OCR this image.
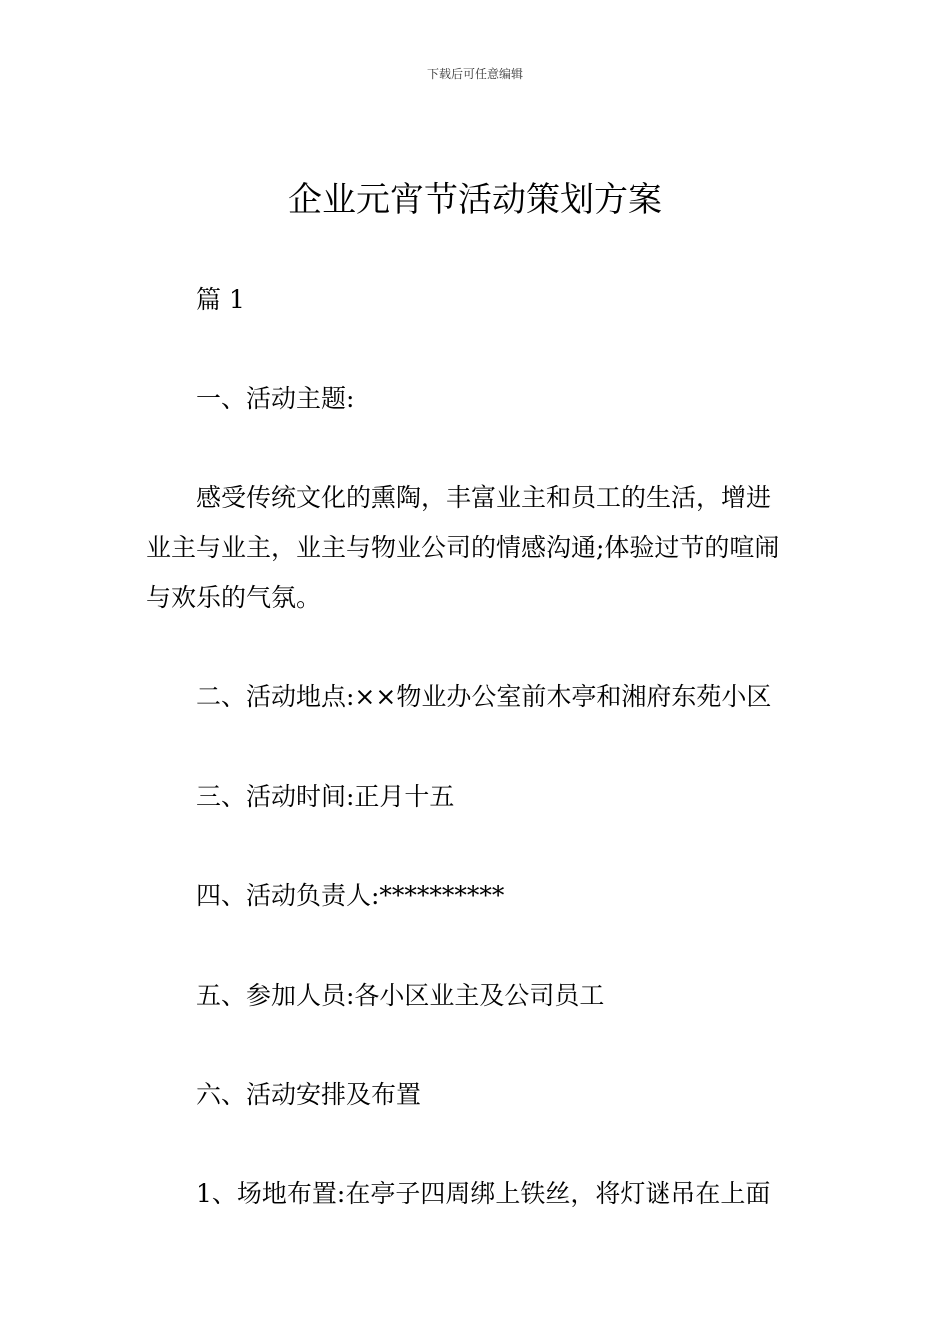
下载后可任意编辑
企业元宵节活动策划方案

篇 1

一、活动主题:

感受传统文化的熏陶，丰富业主和员工的生活，增进
业主与业主，业主与物业公司的情感沟通;体验过节的喧闹
与欢乐的气氛。

二、活动地点:××物业办公室前木亭和湘府东苑小区

三、活动时间:正月十五

四、活动负责人:**********

五、参加人员:各小区业主及公司员工

六、活动安排及布置

1、场地布置:在亭子四周绑上铁丝，将灯谜吊在上面
